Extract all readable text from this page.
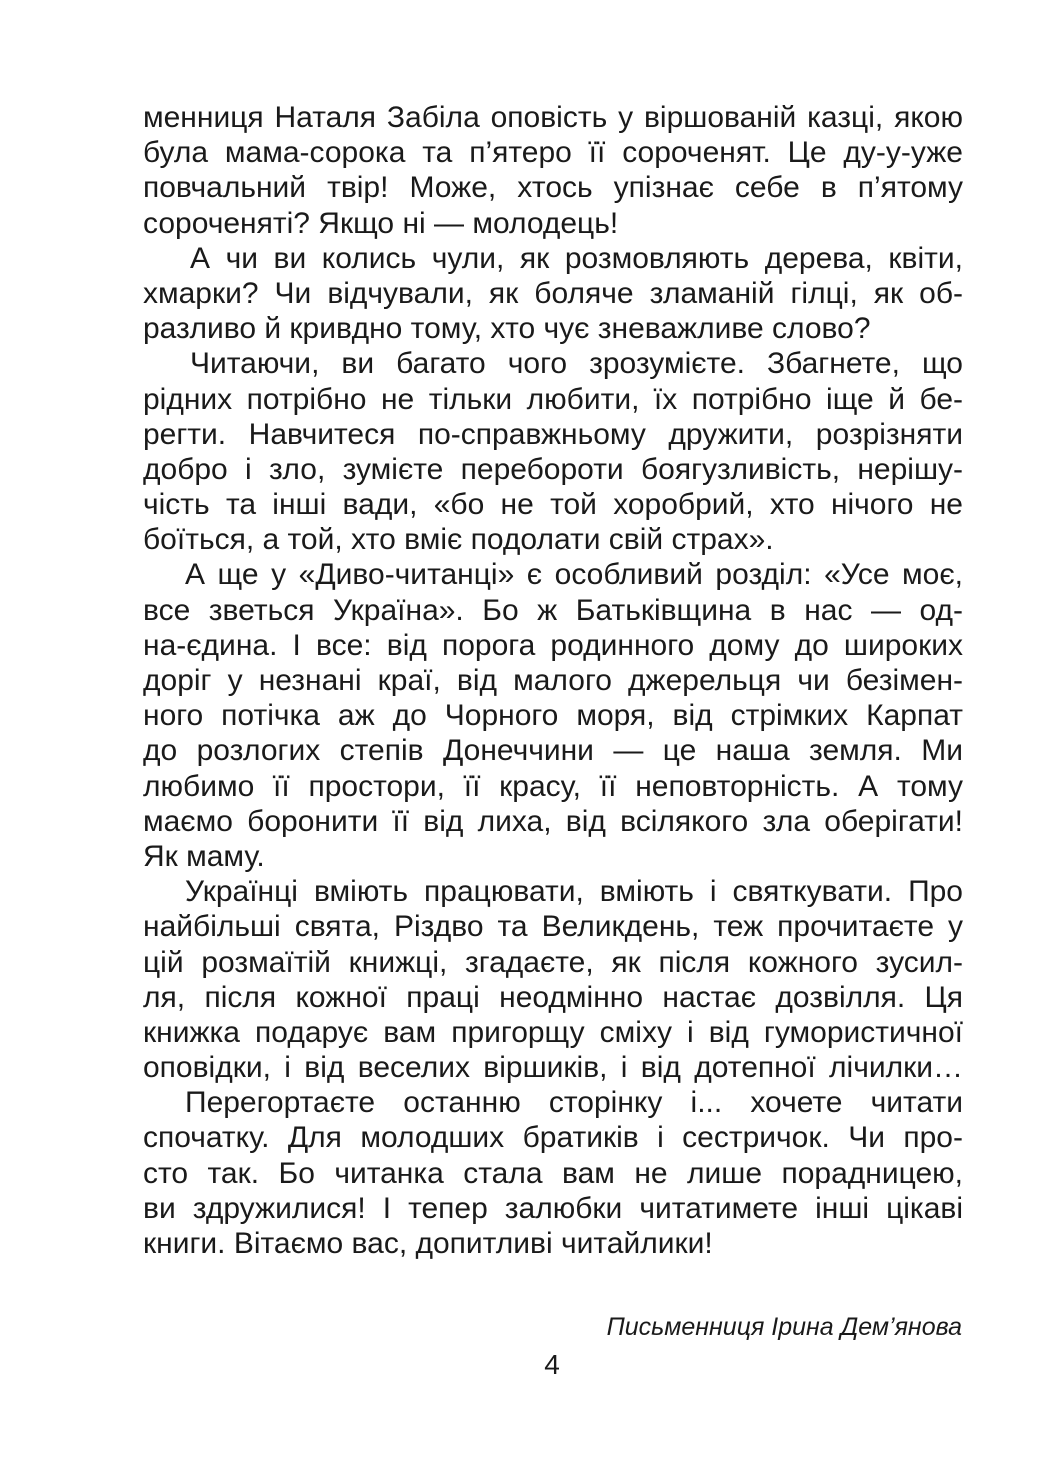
менниця Наталя Забіла оповість у віршованій казці, якою
була мама-сорока та п’ятеро її сороченят. Це ду-у-уже
повчальний твір! Може, хтось упізнає себе в п’ятому
сороченяті? Якщо ні — молодець!
А чи ви колись чули, як розмовляють дерева, квіти,
хмарки? Чи відчували, як боляче зламаній гілці, як об-
разливо й кривдно тому, хто чує зневажливе слово?
Читаючи, ви багато чого зрозумієте. Збагнете, що
рідних потрібно не тільки любити, їх потрібно іще й бе-
регти. Навчитеся по-справжньому дружити, розрізняти
добро і зло, зумієте перебороти боягузливість, нерішу-
чість та інші вади, «бо не той хоробрий, хто нічого не
боїться, а той, хто вміє подолати свій страх».
А ще у «Диво-читанці» є особливий розділ: «Усе моє,
все зветься Україна». Бо ж Батьківщина в нас — од-
на-єдина. І все: від порога родинного дому до широких
доріг у незнані краї, від малого джерельця чи безімен-
ного потічка аж до Чорного моря, від стрімких Карпат
до розлогих степів Донеччини — це наша земля. Ми
любимо її простори, її красу, її неповторність. А тому
маємо боронити її від лиха, від всілякого зла оберігати!
Як маму.
Українці вміють працювати, вміють і святкувати. Про
найбільші свята, Різдво та Великдень, теж прочитаєте у
цій розмаїтій книжці, згадаєте, як після кожного зусил-
ля, після кожної праці неодмінно настає дозвілля. Ця
книжка подарує вам пригорщу сміху і від гумористичної
оповідки, і від веселих віршиків, і від дотепної лічилки…
Перегортаєте останню сторінку і... хочете читати
спочатку. Для молодших братиків і сестричок. Чи про-
сто так. Бо читанка стала вам не лише порадницею,
ви здружилися! І тепер залюбки читатимете інші цікаві
книги. Вітаємо вас, допитливі читайлики!
Письменниця Ірина Дем’янова
4
